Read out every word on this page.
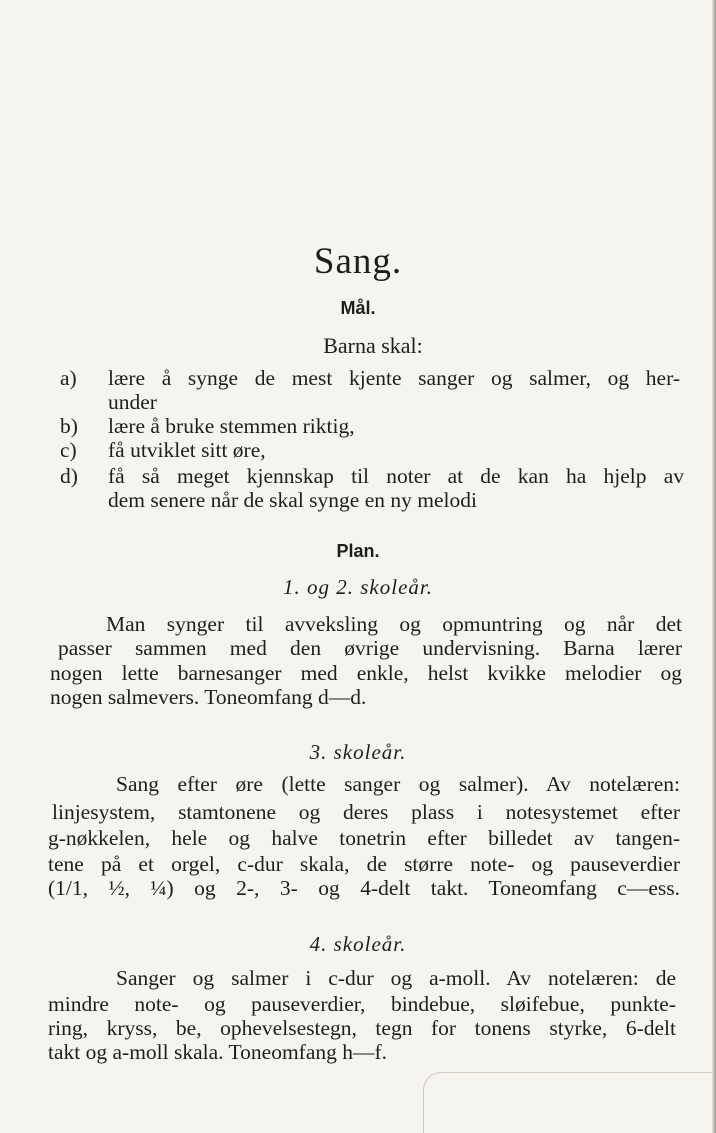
Sang.
Mål.
Barna skal:
a)	lære å synge de mest kjente sanger og salmer, og her-
under
b)	lære å bruke stemmen riktig,
c)	få utviklet sitt øre,
d)	få så meget kjennskap til noter at de kan ha hjelp av
dem senere når de skal synge en ny melodi
Plan.
1. og 2. skoleår.
Man synger til avveksling og opmuntring og når det
passer sammen med den øvrige undervisning. Barna lærer
nogen lette barnesanger med enkle, helst kvikke melodier og
nogen salmevers. Toneomfang d—d.
3. skoleår.
Sang efter øre (lette sanger og salmer). Av notelæren:
linjesystem, stamtonene og deres plass i notesystemet efter
g-nøkkelen, hele og halve tonetrin efter billedet av tangen-
tene på et orgel, c-dur skala, de større note- og pauseverdier
(1/1, ½, ¼) og 2-, 3- og 4-delt takt. Toneomfang c—ess.
4. skoleår.
Sanger og salmer i c-dur og a-moll. Av notelæren: de
mindre note- og pauseverdier, bindebue, sløifebue, punkte-
ring, kryss, be, ophevelsestegn, tegn for tonens styrke, 6-delt
takt og a-moll skala. Toneomfang h—f.
